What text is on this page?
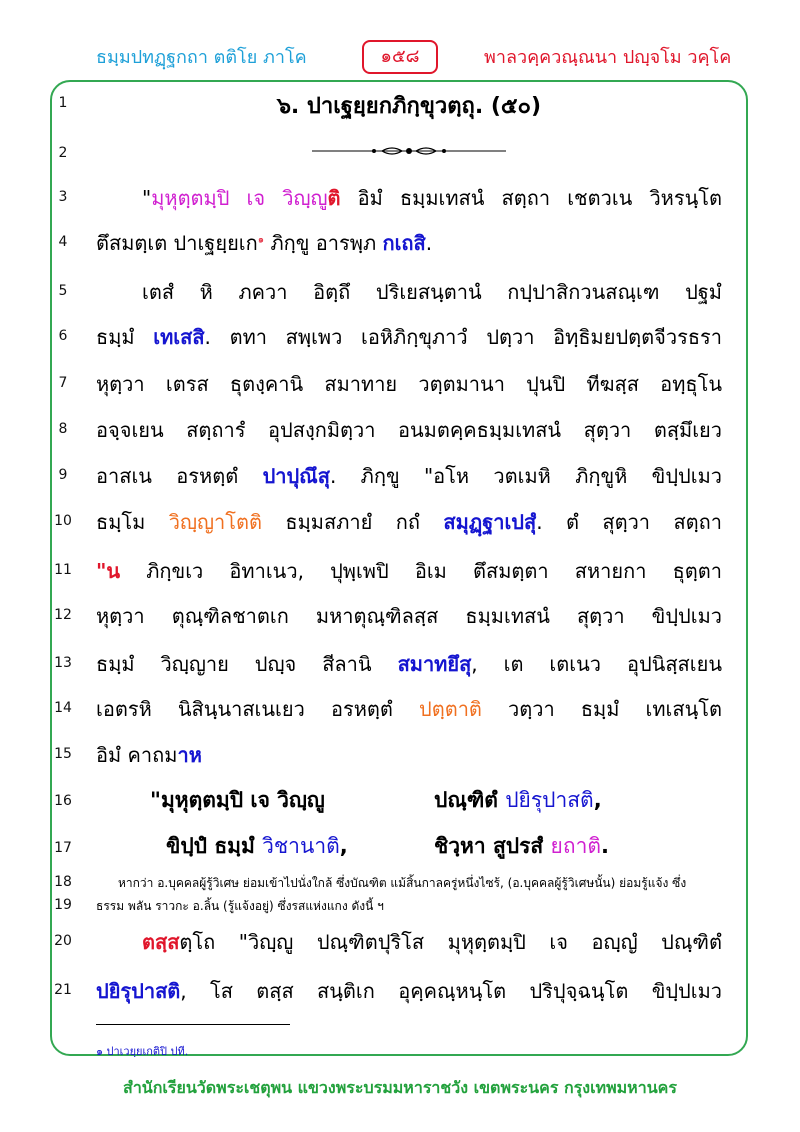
ธมฺมปทฏฺฐกถา ตติโย ภาโค	๑๕๘	พาลวคฺควณฺณนา ปญฺจโม วคฺโค
1
2
3
4
5
6
7
8
9
10
11
12
13
14
15
16
17
18
19
20
21
๖. ปาเฐยฺยกภิกฺขุวตฺถุ. (๕๐)
"มุหุตฺตมฺปิ เจ วิญฺญูติ อิมํ ธมฺมเทสนํ สตฺถา เชตวเน วิหรนฺโต
ตึสมตฺเต ปาเฐยฺยเก$^๑$ ภิกฺขู อารพฺภ กเถสิ.
เตสํ หิ ภควา อิตฺถึ ปริเยสนฺตานํ กปฺปาสิกวนสณฺเฑ ปฐมํ
ธมฺมํ เทเสสิ. ตทา สพฺเพว เอหิภิกฺขุภาวํ ปตฺวา อิทฺธิมยปตฺตจีวรธรา
หุตฺวา เตรส ธุตงฺคานิ สมาทาย วตฺตมานา ปุนปิ ทีฆสฺส อทฺธุโน
อจฺจเยน สตฺถารํ อุปสงฺกมิตฺวา อนมตคฺคธมฺมเทสนํ สุตฺวา ตสฺมึเยว
อาสเน อรหตฺตํ ปาปุณึสุ. ภิกฺขู "อโห วตเมหิ ภิกฺขูหิ ขิปฺปเมว
ธมฺโม วิญฺญาโตติ ธมฺมสภายํ กถํ สมุฏฺฐาเปสุํ. ตํ สุตฺวา สตฺถา
"น ภิกฺขเว อิทาเนว, ปุพฺเพปิ อิเม ตึสมตฺตา สหายกา ธุตฺตา
หุตฺวา ตุณฺฑิลชาตเก มหาตุณฺฑิลสฺส ธมฺมเทสนํ สุตฺวา ขิปฺปเมว
ธมฺมํ วิญฺญาย ปญฺจ สีลานิ สมาทยึสุ, เต เตเนว อุปนิสฺสเยน
เอตรหิ นิสินฺนาสเนเยว อรหตฺตํ ปตฺตาติ วตฺวา ธมฺมํ เทเสนฺโต
อิมํ คาถมาห
"มุหุตฺตมฺปิ เจ วิญฺญู	ปณฺฑิตํ ปยิรุปาสติ,
ขิปฺปํ ธมฺมํ วิชานาติ,	ชิวฺหา สูปรสํ ยถาติ.
หากว่า อ.บุคคลผู้รู้วิเศษ ย่อมเข้าไปนั่งใกล้ ซึ่งบัณฑิต แม้สิ้นกาลครู่หนึ่งไซร้, (อ.บุคคลผู้รู้วิเศษนั้น) ย่อมรู้แจ้ง ซึ่ง
ธรรม พลัน ราวกะ อ.ลิ้น (รู้แจ้งอยู่) ซึ่งรสแห่งแกง ดังนี้ ฯ
ตสฺสตฺโถ "วิญฺญู ปณฺฑิตปุริโส มุหุตฺตมฺปิ เจ อญฺญํ ปณฺฑิตํ
ปยิรุปาสติ, โส ตสฺส สนฺติเก อุคฺคณฺหนฺโต ปริปุจฺฉนฺโต ขิปฺปเมว
๑ ปาเวยฺยเกติปิ ปที.
สำนักเรียนวัดพระเชตุพน แขวงพระบรมมหาราชวัง เขตพระนคร กรุงเทพมหานคร
